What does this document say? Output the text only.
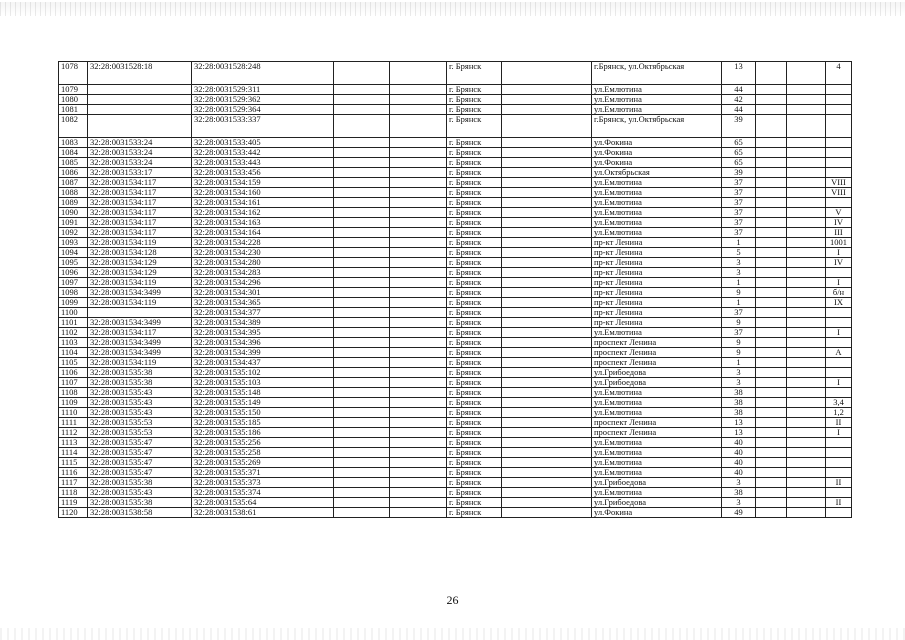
1078	32:28:0031528:18	32:28:0031528:248			г. Брянск		г.Брянск, ул.Октябрьская	13			4
1079		32:28:0031529:311			г. Брянск		ул.Емлютина	44			
1080		32:28:0031529:362			г. Брянск		ул.Емлютина	42			
1081		32:28:0031529:364			г. Брянск		ул.Емлютина	44			
1082		32:28:0031533:337			г. Брянск		г.Брянск, ул.Октябрьская	39			
1083	32:28:0031533:24	32:28:0031533:405			г. Брянск		ул.Фокина	65			
1084	32:28:0031533:24	32:28:0031533:442			г. Брянск		ул.Фокина	65			
1085	32:28:0031533:24	32:28:0031533:443			г. Брянск		ул.Фокина	65			
1086	32:28:0031533:17	32:28:0031533:456			г. Брянск		ул.Октябрьская	39			
1087	32:28:0031534:117	32:28:0031534:159			г. Брянск		ул.Емлютина	37			VIII
1088	32:28:0031534:117	32:28:0031534:160			г. Брянск		ул.Емлютина	37			VIII
1089	32:28:0031534:117	32:28:0031534:161			г. Брянск		ул.Емлютина	37			
1090	32:28:0031534:117	32:28:0031534:162			г. Брянск		ул.Емлютина	37			V
1091	32:28:0031534:117	32:28:0031534:163			г. Брянск		ул.Емлютина	37			IV
1092	32:28:0031534:117	32:28:0031534:164			г. Брянск		ул.Емлютина	37			III
1093	32:28:0031534:119	32:28:0031534:228			г. Брянск		пр-кт Ленина	1			1001
1094	32:28:0031534:128	32:28:0031534:230			г. Брянск		пр-кт Ленина	5			I
1095	32:28:0031534:129	32:28:0031534:280			г. Брянск		пр-кт Ленина	3			IV
1096	32:28:0031534:129	32:28:0031534:283			г. Брянск		пр-кт Ленина	3			
1097	32:28:0031534:119	32:28:0031534:296			г. Брянск		пр-кт Ленина	1			I
1098	32:28:0031534:3499	32:28:0031534:301			г. Брянск		пр-кт Ленина	9			б/н
1099	32:28:0031534:119	32:28:0031534:365			г. Брянск		пр-кт Ленина	1			IX
1100		32:28:0031534:377			г. Брянск		пр-кт Ленина	37			
1101	32:28:0031534:3499	32:28:0031534:389			г. Брянск		пр-кт Ленина	9			
1102	32:28:0031534:117	32:28:0031534:395			г. Брянск		ул.Емлютина	37			I
1103	32:28:0031534:3499	32:28:0031534:396			г. Брянск		проспект Ленина	9			
1104	32:28:0031534:3499	32:28:0031534:399			г. Брянск		проспект Ленина	9			A
1105	32:28:0031534:119	32:28:0031534:437			г. Брянск		проспект Ленина	1			
1106	32:28:0031535:38	32:28:0031535:102			г. Брянск		ул.Грибоедова	3			
1107	32:28:0031535:38	32:28:0031535:103			г. Брянск		ул.Грибоедова	3			I
1108	32:28:0031535:43	32:28:0031535:148			г. Брянск		ул.Емлютина	38			
1109	32:28:0031535:43	32:28:0031535:149			г. Брянск		ул.Емлютина	38			3,4
1110	32:28:0031535:43	32:28:0031535:150			г. Брянск		ул.Емлютина	38			1,2
1111	32:28:0031535:53	32:28:0031535:185			г. Брянск		проспект Ленина	13			II
1112	32:28:0031535:53	32:28:0031535:186			г. Брянск		проспект Ленина	13			I
1113	32:28:0031535:47	32:28:0031535:256			г. Брянск		ул.Емлютина	40			
1114	32:28:0031535:47	32:28:0031535:258			г. Брянск		ул.Емлютина	40			
1115	32:28:0031535:47	32:28:0031535:269			г. Брянск		ул.Емлютина	40			
1116	32:28:0031535:47	32:28:0031535:371			г. Брянск		ул.Емлютина	40			
1117	32:28:0031535:38	32:28:0031535:373			г. Брянск		ул.Грибоедова	3			II
1118	32:28:0031535:43	32:28:0031535:374			г. Брянск		ул.Емлютина	38			
1119	32:28:0031535:38	32:28:0031535:64			г. Брянск		ул.Грибоедова	3			II
1120	32:28:0031538:58	32:28:0031538:61			г. Брянск		ул.Фокина	49			
26
